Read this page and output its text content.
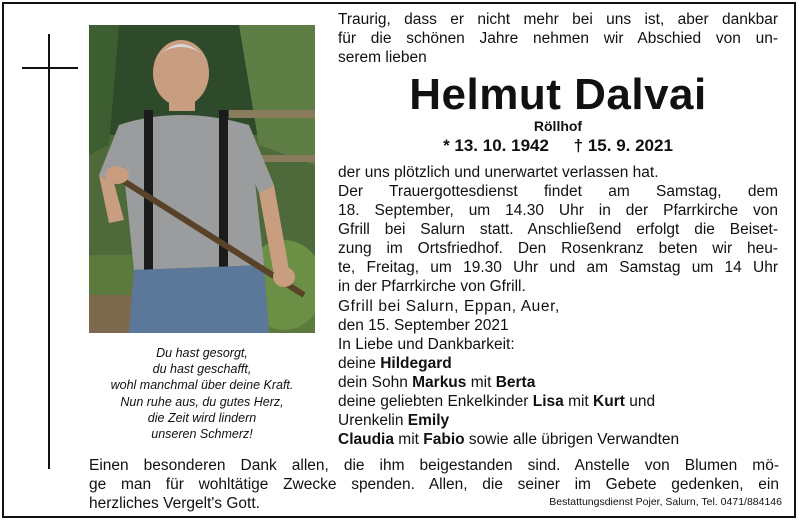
Du hast gesorgt,
du hast geschafft,
wohl manchmal über deine Kraft.
Nun ruhe aus, du gutes Herz,
die Zeit wird lindern
unseren Schmerz!
Traurig, dass er nicht mehr bei uns ist, aber dankbar
für die schönen Jahre nehmen wir Abschied von un-
serem lieben
Helmut Dalvai
Röllhof
* 13. 10. 1942 † 15. 9. 2021
der uns plötzlich und unerwartet verlassen hat.
Der Trauergottesdienst findet am Samstag, dem
18. September, um 14.30 Uhr in der Pfarrkirche von
Gfrill bei Salurn statt. Anschließend erfolgt die Beiset-
zung im Ortsfriedhof. Den Rosenkranz beten wir heu-
te, Freitag, um 19.30 Uhr und am Samstag um 14 Uhr
in der Pfarrkirche von Gfrill.
Gfrill bei Salurn, Eppan, Auer,
den 15. September 2021
In Liebe und Dankbarkeit:
deine Hildegard
dein Sohn Markus mit Berta
deine geliebten Enkelkinder Lisa mit Kurt und
Urenkelin Emily
Claudia mit Fabio sowie alle übrigen Verwandten
Einen besonderen Dank allen, die ihm beigestanden sind. Anstelle von Blumen mö-
ge man für wohltätige Zwecke spenden. Allen, die seiner im Gebete gedenken, ein
herzliches Vergelt's Gott.	Bestattungsdienst Pojer, Salurn, Tel. 0471/884146
